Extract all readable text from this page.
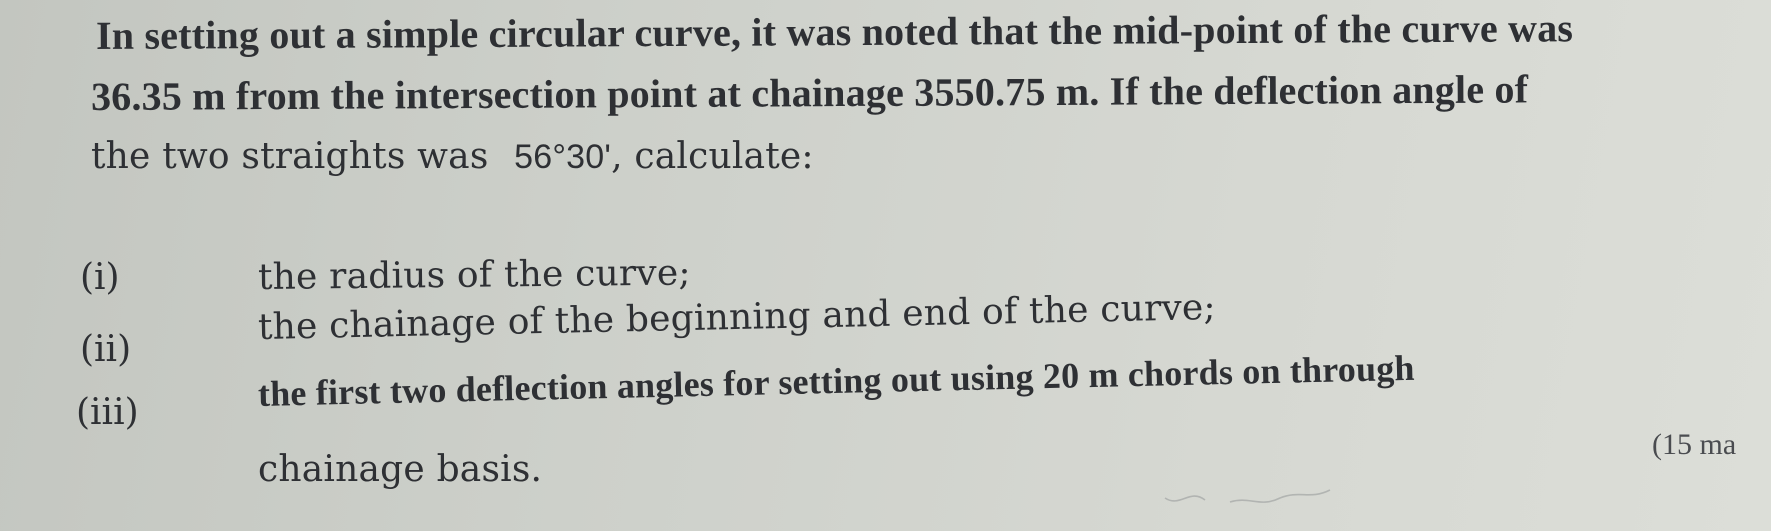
In setting out a simple circular curve, it was noted that the mid-point of the curve was
36.35 m from the intersection point at chainage 3550.75 m. If the deflection angle of
the two straights was 56°30', calculate:
(i)	the radius of the curve;
(ii)
the chainage of the beginning and end of the curve;
(iii)	the first two deflection angles for setting out using 20 m chords on through
chainage basis.
(15 ma
